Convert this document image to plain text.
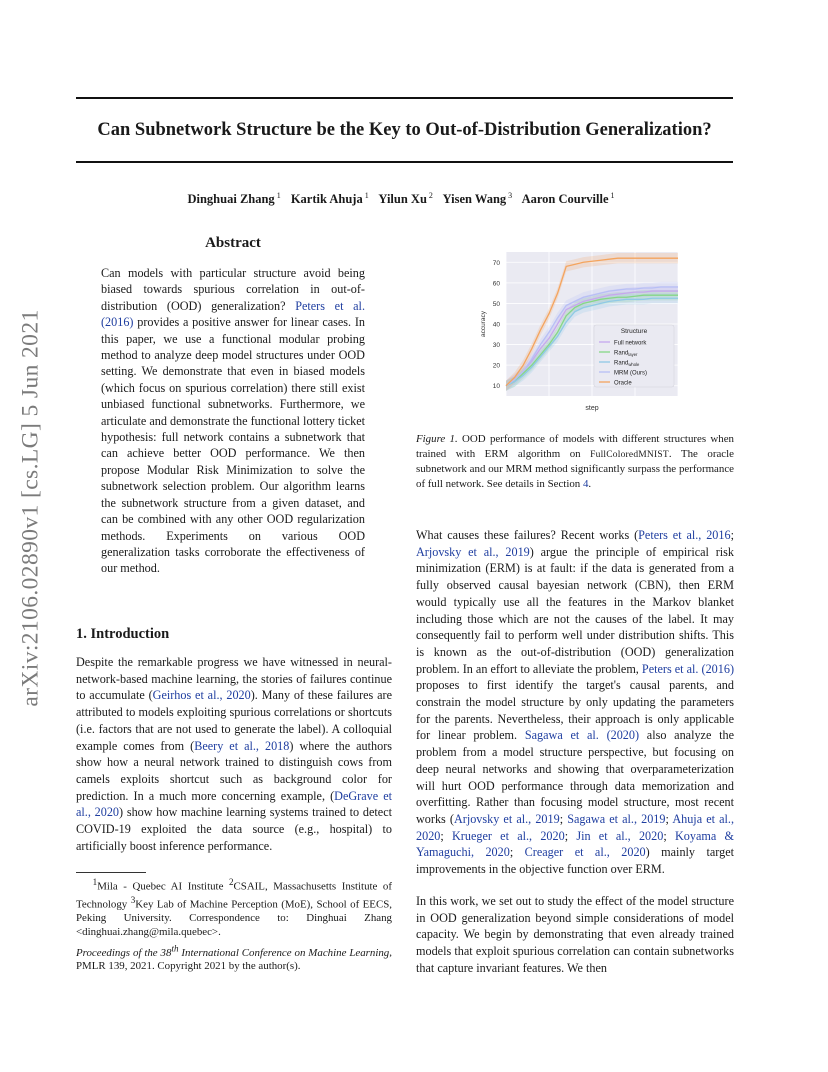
Can Subnetwork Structure be the Key to Out-of-Distribution Generalization?
Dinghuai Zhang $^1$ Kartik Ahuja $^1$ Yilun Xu $^2$ Yisen Wang $^3$ Aaron Courville $^1$
arXiv:2106.02890v1 [cs.LG] 5 Jun 2021
Abstract
Can models with particular structure avoid being biased towards spurious correlation in out-of-distribution (OOD) generalization? Peters et al. (2016) provides a positive answer for linear cases. In this paper, we use a functional modular probing method to analyze deep model structures under OOD setting. We demonstrate that even in biased models (which focus on spurious correlation) there still exist unbiased functional subnetworks. Furthermore, we articulate and demonstrate the functional lottery ticket hypothesis: full network contains a subnetwork that can achieve better OOD performance. We then propose Modular Risk Minimization to solve the subnetwork selection problem. Our algorithm learns the subnetwork structure from a given dataset, and can be combined with any other OOD regularization methods. Experiments on various OOD generalization tasks corroborate the effectiveness of our method.
1. Introduction
Despite the remarkable progress we have witnessed in neural-network-based machine learning, the stories of failures continue to accumulate (Geirhos et al., 2020). Many of these failures are attributed to models exploiting spurious correlations or shortcuts (i.e. factors that are not used to generate the label). A colloquial example comes from (Beery et al., 2018) where the authors show how a neural network trained to distinguish cows from camels exploits shortcut such as background color for prediction. In a much more concerning example, (DeGrave et al., 2020) show how machine learning systems trained to detect COVID-19 exploited the data source (e.g., hospital) to artificially boost inference performance.
$^1$Mila - Quebec AI Institute $^2$CSAIL, Massachusetts Institute of Technology $^3$Key Lab of Machine Perception (MoE), School of EECS, Peking University. Correspondence to: Dinghuai Zhang <dinghuai.zhang@mila.quebec>.
Proceedings of the 38th International Conference on Machine Learning, PMLR 139, 2021. Copyright 2021 by the author(s).
10
20
30
40
50
60
70
accuracy
step
Structure
Full network
Rand$_{layer}$
Rand$_{whole}$
MRM (Ours)
Oracle
Figure 1. OOD performance of models with different structures when trained with ERM algorithm on FullColoredMNIST. The oracle subnetwork and our MRM method significantly surpass the performance of full network. See details in Section 4.
What causes these failures? Recent works (Peters et al., 2016; Arjovsky et al., 2019) argue the principle of empirical risk minimization (ERM) is at fault: if the data is generated from a fully observed causal bayesian network (CBN), then ERM would typically use all the features in the Markov blanket including those which are not the causes of the label. It may consequently fail to perform well under distribution shifts. This is known as the out-of-distribution (OOD) generalization problem. In an effort to alleviate the problem, Peters et al. (2016) proposes to first identify the target's causal parents, and constrain the model structure by only updating the parameters for the parents. Nevertheless, their approach is only applicable for linear problem. Sagawa et al. (2020) also analyze the problem from a model structure perspective, but focusing on deep neural networks and showing that overparameterization will hurt OOD performance through data memorization and overfitting. Rather than focusing model structure, most recent works (Arjovsky et al., 2019; Sagawa et al., 2019; Ahuja et al., 2020; Krueger et al., 2020; Jin et al., 2020; Koyama & Yamaguchi, 2020; Creager et al., 2020) mainly target improvements in the objective function over ERM.
In this work, we set out to study the effect of the model structure in OOD generalization beyond simple considerations of model capacity. We begin by demonstrating that even already trained models that exploit spurious correlation can contain subnetworks that capture invariant features. We then
